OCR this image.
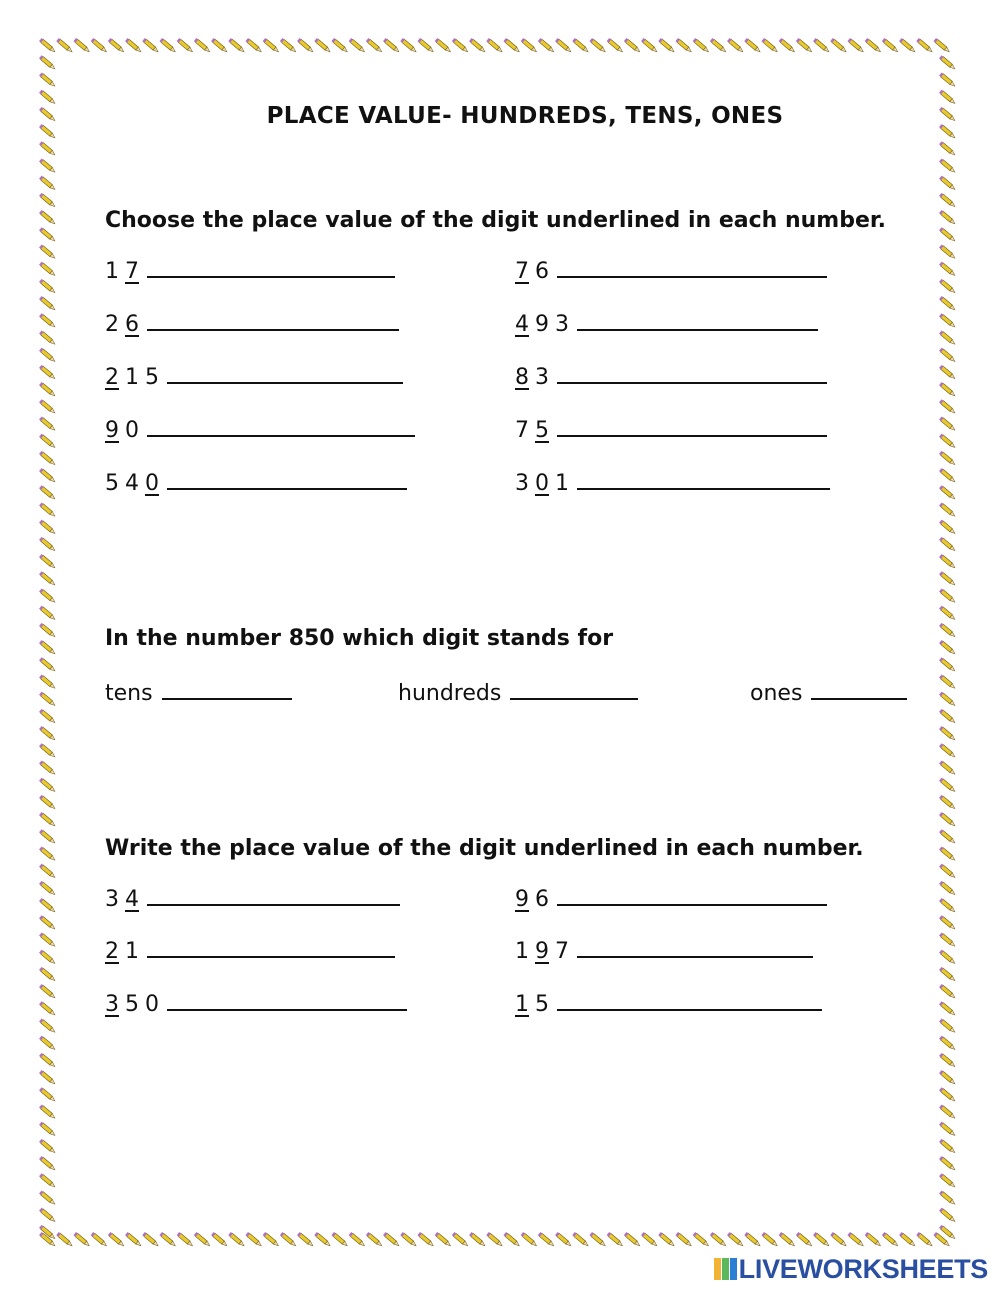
PLACE VALUE- HUNDREDS, TENS, ONES
Choose the place value of the digit underlined in each number.
1 7	7 6
2 6	4 9 3
2 1 5	8 3
9 0	7 5
5 4 0	3 0 1
In the number 850 which digit stands for
tens	hundreds	ones
Write the place value of the digit underlined in each number.
3 4	9 6
2 1	1 9 7
3 5 0	1 5
LIVEWORKSHEETS
